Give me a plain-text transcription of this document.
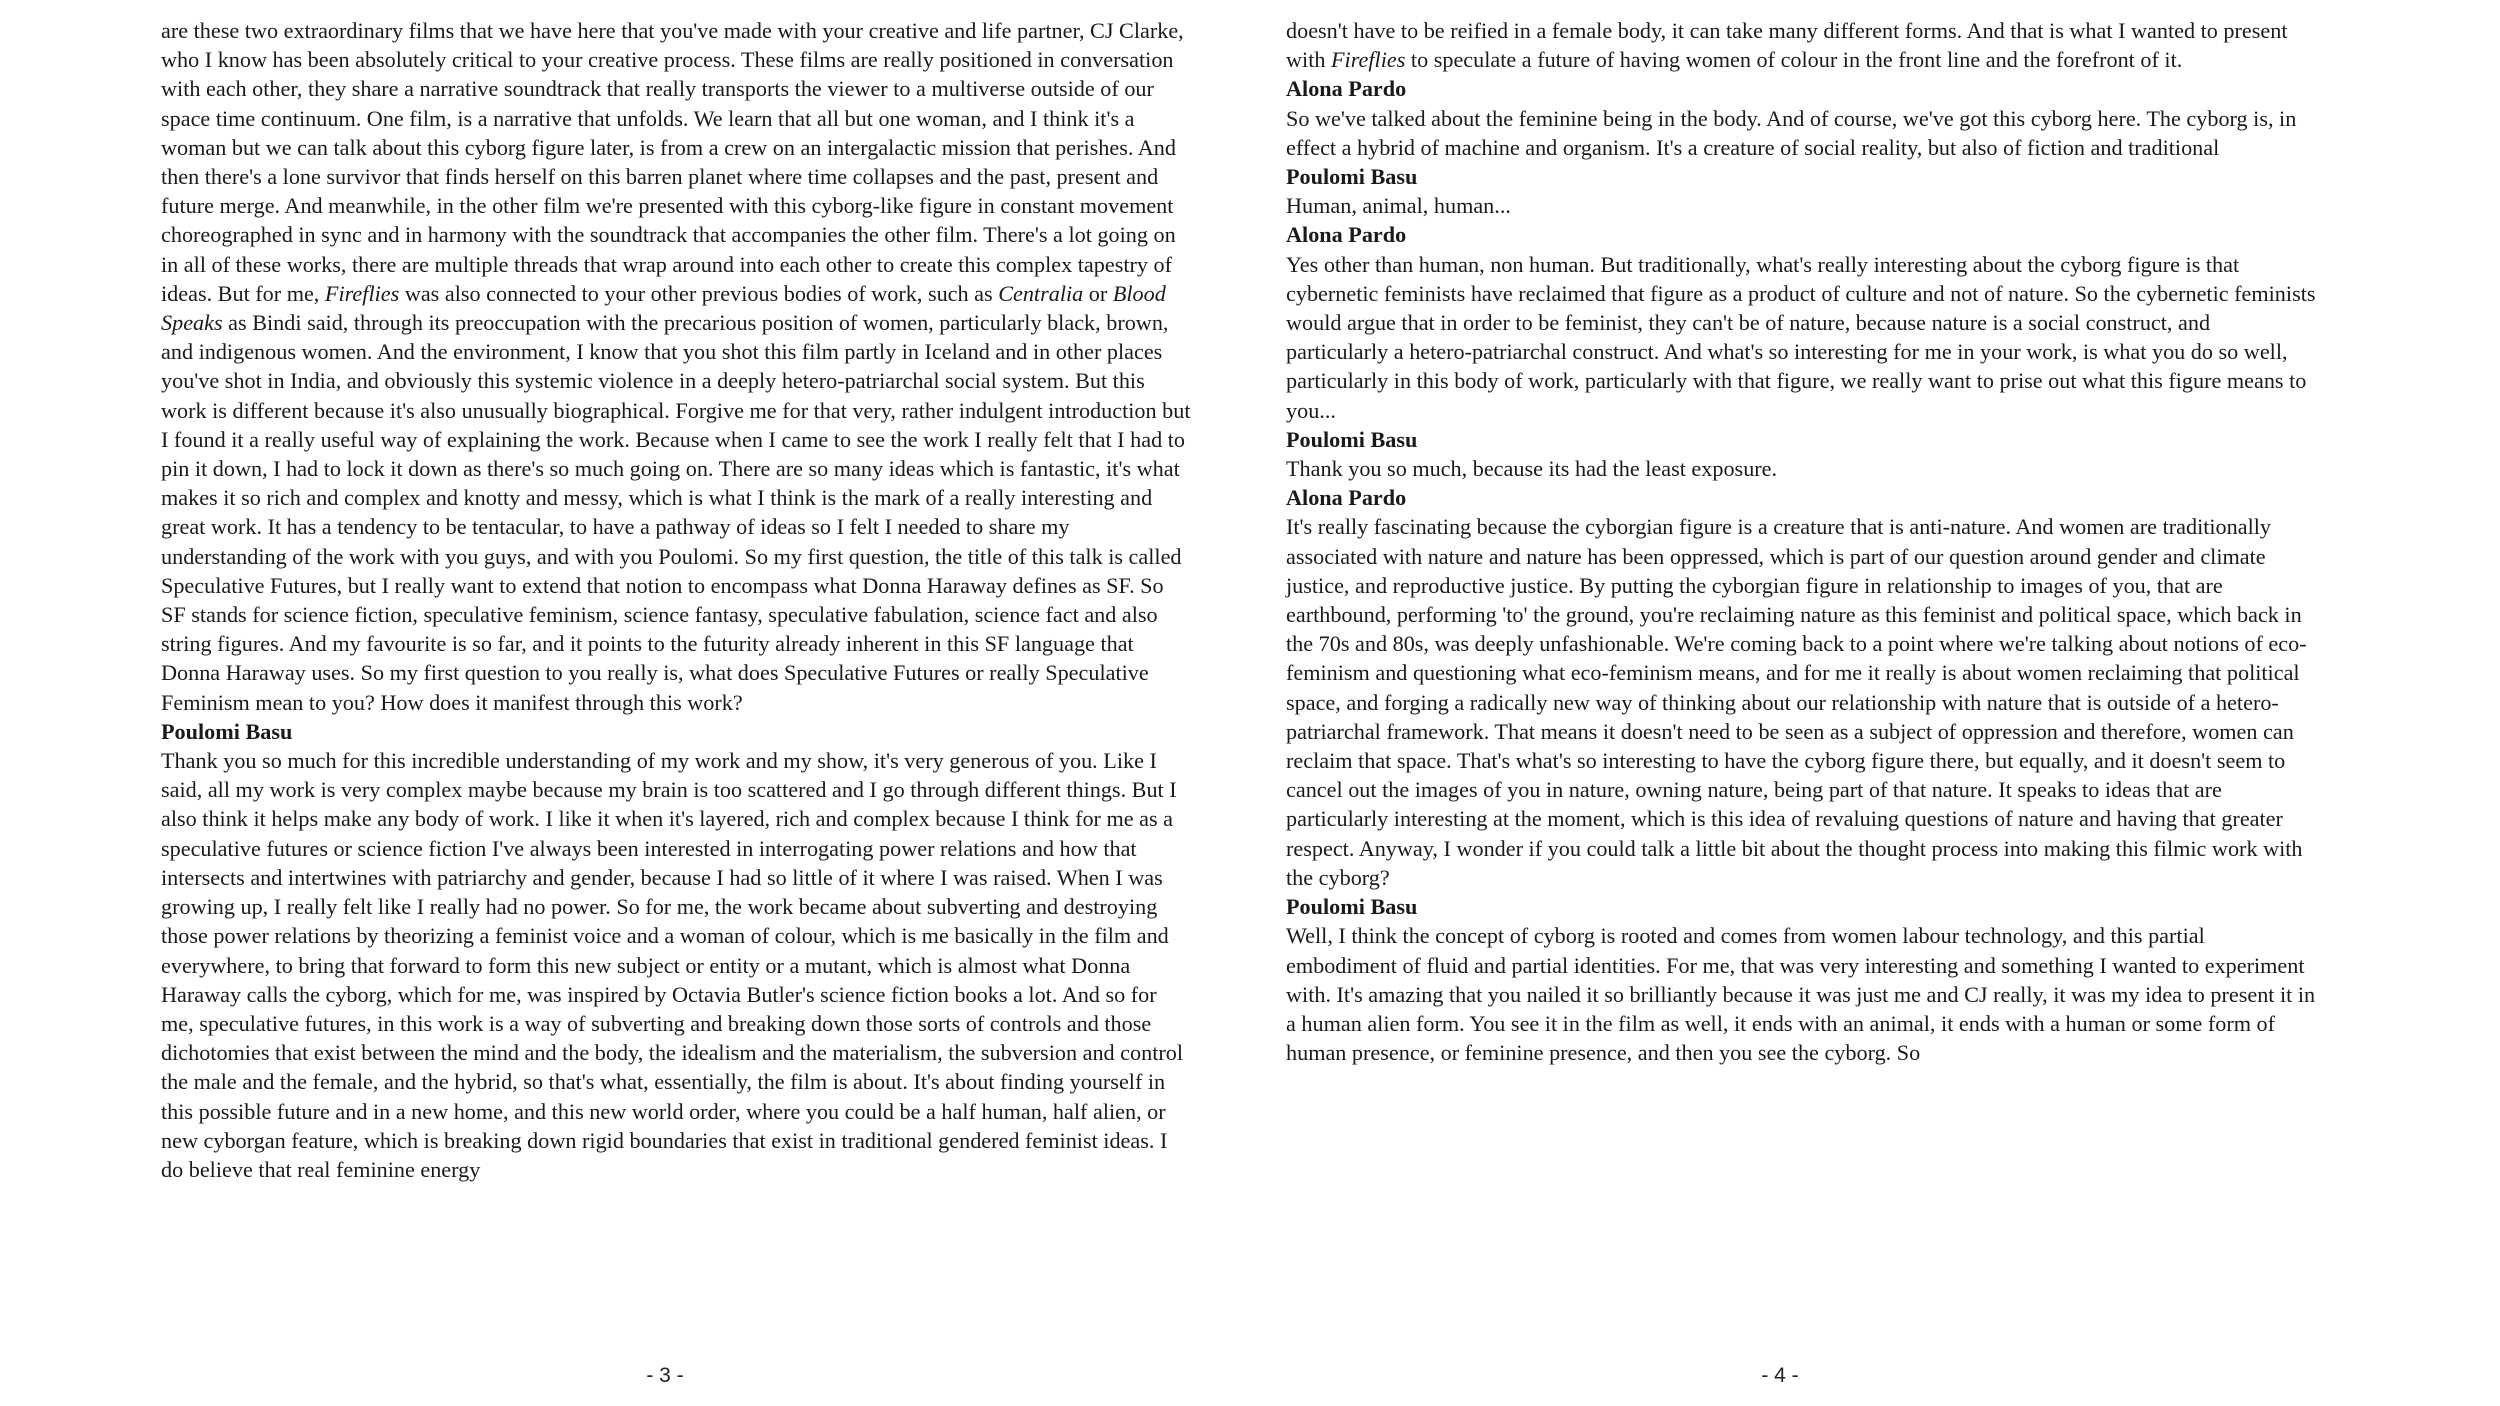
are these two extraordinary films that we have here that you've made with your creative and life partner, CJ Clarke, who I know has been absolutely critical to your creative process. These films are really positioned in conversation with each other, they share a narrative soundtrack that really transports the viewer to a multiverse outside of our space time continuum. One film, is a narrative that unfolds. We learn that all but one woman, and I think it's a woman but we can talk about this cyborg figure later, is from a crew on an intergalactic mission that perishes. And then there's a lone survivor that finds herself on this barren planet where time collapses and the past, present and future merge. And meanwhile, in the other film we're presented with this cyborg-like figure in constant movement choreographed in sync and in harmony with the soundtrack that accompanies the other film. There's a lot going on in all of these works, there are multiple threads that wrap around into each other to create this complex tapestry of ideas. But for me, Fireflies was also connected to your other previous bodies of work, such as Centralia or Blood Speaks as Bindi said, through its preoccupation with the precarious position of women, particularly black, brown, and indigenous women. And the environment, I know that you shot this film partly in Iceland and in other places you've shot in India, and obviously this systemic violence in a deeply hetero-patriarchal social system. But this work is different because it's also unusually biographical. Forgive me for that very, rather indulgent introduction but I found it a really useful way of explaining the work. Because when I came to see the work I really felt that I had to pin it down, I had to lock it down as there's so much going on. There are so many ideas which is fantastic, it's what makes it so rich and complex and knotty and messy, which is what I think is the mark of a really interesting and great work. It has a tendency to be tentacular, to have a pathway of ideas so I felt I needed to share my understanding of the work with you guys, and with you Poulomi. So my first question, the title of this talk is called Speculative Futures, but I really want to extend that notion to encompass what Donna Haraway defines as SF. So SF stands for science fiction, speculative feminism, science fantasy, speculative fabulation, science fact and also string figures. And my favourite is so far, and it points to the futurity already inherent in this SF language that Donna Haraway uses. So my first question to you really is, what does Speculative Futures or really Speculative Feminism mean to you? How does it manifest through this work?

Poulomi Basu

Thank you so much for this incredible understanding of my work and my show, it's very generous of you. Like I said, all my work is very complex maybe because my brain is too scattered and I go through different things. But I also think it helps make any body of work. I like it when it's layered, rich and complex because I think for me as a speculative futures or science fiction I've always been interested in interrogating power relations and how that intersects and intertwines with patriarchy and gender, because I had so little of it where I was raised. When I was growing up, I really felt like I really had no power. So for me, the work became about subverting and destroying those power relations by theorizing a feminist voice and a woman of colour, which is me basically in the film and everywhere, to bring that forward to form this new subject or entity or a mutant, which is almost what Donna Haraway calls the cyborg, which for me, was inspired by Octavia Butler's science fiction books a lot. And so for me, speculative futures, in this work is a way of subverting and breaking down those sorts of controls and those dichotomies that exist between the mind and the body, the idealism and the materialism, the subversion and control the male and the female, and the hybrid, so that's what, essentially, the film is about. It's about finding yourself in this possible future and in a new home, and this new world order, where you could be a half human, half alien, or new cyborgan feature, which is breaking down rigid boundaries that exist in traditional gendered feminist ideas. I do believe that real feminine energy

- 3 -

doesn't have to be reified in a female body, it can take many different forms. And that is what I wanted to present with Fireflies to speculate a future of having women of colour in the front line and the forefront of it.

Alona Pardo

So we've talked about the feminine being in the body. And of course, we've got this cyborg here. The cyborg is, in effect a hybrid of machine and organism. It's a creature of social reality, but also of fiction and traditional

Poulomi Basu

Human, animal, human...

Alona Pardo

Yes other than human, non human. But traditionally, what's really interesting about the cyborg figure is that cybernetic feminists have reclaimed that figure as a product of culture and not of nature. So the cybernetic feminists would argue that in order to be feminist, they can't be of nature, because nature is a social construct, and particularly a hetero-patriarchal construct. And what's so interesting for me in your work, is what you do so well, particularly in this body of work, particularly with that figure, we really want to prise out what this figure means to you...

Poulomi Basu

Thank you so much, because its had the least exposure.

Alona Pardo

It's really fascinating because the cyborgian figure is a creature that is anti-nature. And women are traditionally associated with nature and nature has been oppressed, which is part of our question around gender and climate justice, and reproductive justice. By putting the cyborgian figure in relationship to images of you, that are earthbound, performing 'to' the ground, you're reclaiming nature as this feminist and political space, which back in the 70s and 80s, was deeply unfashionable. We're coming back to a point where we're talking about notions of eco-feminism and questioning what eco-feminism means, and for me it really is about women reclaiming that political space, and forging a radically new way of thinking about our relationship with nature that is outside of a hetero-patriarchal framework. That means it doesn't need to be seen as a subject of oppression and therefore, women can reclaim that space. That's what's so interesting to have the cyborg figure there, but equally, and it doesn't seem to cancel out the images of you in nature, owning nature, being part of that nature. It speaks to ideas that are particularly interesting at the moment, which is this idea of revaluing questions of nature and having that greater respect. Anyway, I wonder if you could talk a little bit about the thought process into making this filmic work with the cyborg?

Poulomi Basu

Well, I think the concept of cyborg is rooted and comes from women labour technology, and this partial embodiment of fluid and partial identities. For me, that was very interesting and something I wanted to experiment with. It's amazing that you nailed it so brilliantly because it was just me and CJ really, it was my idea to present it in a human alien form. You see it in the film as well, it ends with an animal, it ends with a human or some form of human presence, or feminine presence, and then you see the cyborg. So

- 4 -
